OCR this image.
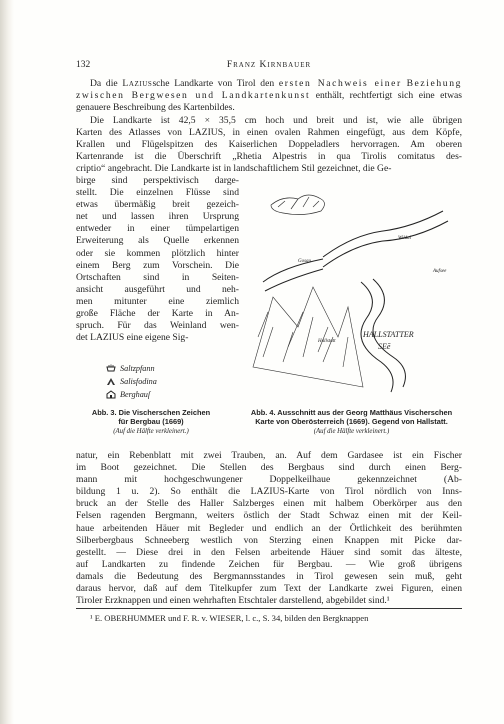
132	Franz Kirnbauer
Da die Laziussche Landkarte von Tirol den ersten Nachweis einer Beziehung zwischen Bergwesen und Landkartenkunst enthält, rechtfertigt sich eine etwas genauere Beschreibung des Kartenbildes.
Die Landkarte ist 42,5 × 35,5 cm hoch und breit und ist, wie alle übrigen
Karten des Atlasses von LAZIUS, in einen ovalen Rahmen eingefügt, aus dem Köpfe,
Krallen und Flügelspitzen des Kaiserlichen Doppeladlers hervorragen. Am oberen
Kartenrande ist die Überschrift „Rhetia Alpestris in qua Tirolis comitatus des-
criptio“ angebracht. Die Landkarte ist in landschaftlichem Stil gezeichnet, die Ge-
birge sind perspektivisch darge-
stellt. Die einzelnen Flüsse sind
etwas übermäßig breit gezeich-
net und lassen ihren Ursprung
entweder in einer tümpelartigen
Erweiterung als Quelle erkennen
oder sie kommen plötzlich hinter
einem Berg zum Vorschein. Die
Ortschaften sind in Seiten-
ansicht ausgeführt und neh-
men mitunter eine ziemlich
große Fläche der Karte in An-
spruch. Für das Weinland wen-
det LAZIUS eine eigene Sig-
Saltzpfann
Salisfodina
Berghauſ
HALLSTATTER
SEē
Gosau
Hallstatt
Wildal
Aufsee
Abb. 3. Die Vischerschen Zeichen
für Bergbau (1669)
(Auf die Hälfte verkleinert.)
Abb. 4. Ausschnitt aus der Georg Matthäus Vischerschen
Karte von Oberösterreich (1669). Gegend von Hallstatt.
(Auf die Hälfte verkleinert.)
natur, ein Rebenblatt mit zwei Trauben, an. Auf dem Gardasee ist ein Fischer
im Boot gezeichnet. Die Stellen des Bergbaus sind durch einen Berg-
mann mit hochgeschwungener Doppelkeilhaue gekennzeichnet (Ab-
bildung 1 u. 2). So enthält die LAZIUS-Karte von Tirol nördlich von Inns-
bruck an der Stelle des Haller Salzberges einen mit halbem Oberkörper aus den
Felsen ragenden Bergmann, weiters östlich der Stadt Schwaz einen mit der Keil-
haue arbeitenden Häuer mit Begleder und endlich an der Örtlichkeit des berühmten
Silberbergbaus Schneeberg westlich von Sterzing einen Knappen mit Picke dar-
gestellt. — Diese drei in den Felsen arbeitende Häuer sind somit das älteste,
auf Landkarten zu findende Zeichen für Bergbau. — Wie groß übrigens
damals die Bedeutung des Bergmannsstandes in Tirol gewesen sein muß, geht
daraus hervor, daß auf dem Titelkupfer zum Text der Landkarte zwei Figuren, einen
Tiroler Erzknappen und einen wehrhaften Etschtaler darstellend, abgebildet sind.¹
¹ E. OBERHUMMER und F. R. v. WIESER, l. c., S. 34, bilden den Bergknappen
